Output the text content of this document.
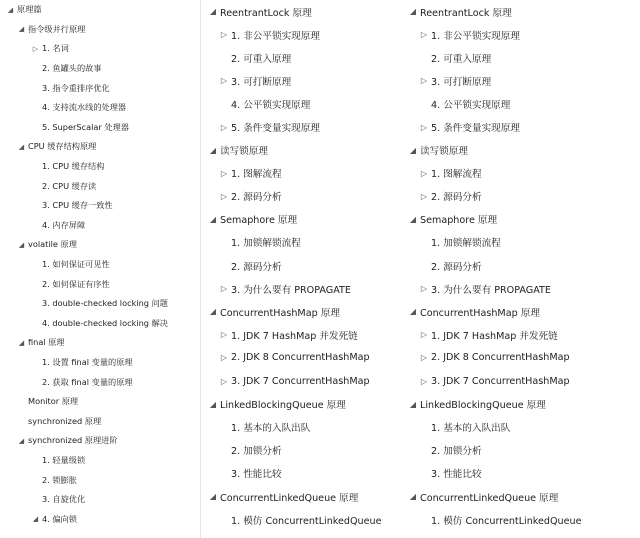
◢ 原理篇
◢ 指令级并行原理
▷ 1. 名词
2. 鱼罐头的故事
3. 指令重排序优化
4. 支持流水线的处理器
5. SuperScalar 处理器
◢ CPU 缓存结构原理
1. CPU 缓存结构
2. CPU 缓存读
3. CPU 缓存一致性
4. 内存屏障
◢ volatile 原理
1. 如何保证可见性
2. 如何保证有序性
3. double-checked locking 问题
4. double-checked locking 解决
◢ final 原理
1. 设置 final 变量的原理
2. 获取 final 变量的原理
Monitor 原理
synchronized 原理
◢ synchronized 原理进阶
1. 轻量级锁
2. 锁膨胀
3. 自旋优化
◢ 4. 偏向锁
◢ ReentrantLock 原理
▷ 1. 非公平锁实现原理
2. 可重入原理
▷ 3. 可打断原理
4. 公平锁实现原理
▷ 5. 条件变量实现原理
◢ 读写锁原理
▷ 1. 图解流程
▷ 2. 源码分析
◢ Semaphore 原理
1. 加锁解锁流程
2. 源码分析
▷ 3. 为什么要有 PROPAGATE
◢ ConcurrentHashMap 原理
▷ 1. JDK 7 HashMap 并发死链
▷ 2. JDK 8 ConcurrentHashMap
▷ 3. JDK 7 ConcurrentHashMap
◢ LinkedBlockingQueue 原理
1. 基本的入队出队
2. 加锁分析
3. 性能比较
◢ ConcurrentLinkedQueue 原理
1. 模仿 ConcurrentLinkedQueue
◢ ReentrantLock 原理
▷ 1. 非公平锁实现原理
2. 可重入原理
▷ 3. 可打断原理
4. 公平锁实现原理
▷ 5. 条件变量实现原理
◢ 读写锁原理
▷ 1. 图解流程
▷ 2. 源码分析
◢ Semaphore 原理
1. 加锁解锁流程
2. 源码分析
▷ 3. 为什么要有 PROPAGATE
◢ ConcurrentHashMap 原理
▷ 1. JDK 7 HashMap 并发死链
▷ 2. JDK 8 ConcurrentHashMap
▷ 3. JDK 7 ConcurrentHashMap
◢ LinkedBlockingQueue 原理
1. 基本的入队出队
2. 加锁分析
3. 性能比较
◢ ConcurrentLinkedQueue 原理
1. 模仿 ConcurrentLinkedQueue
